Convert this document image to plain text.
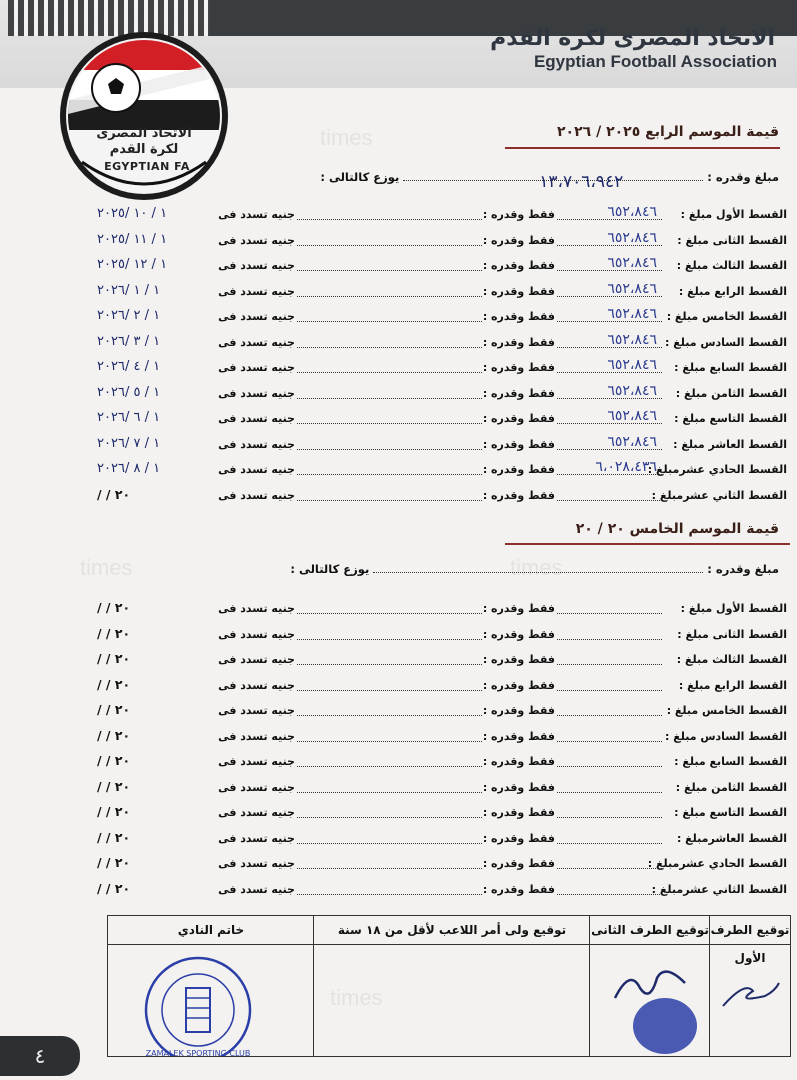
الاتحاد المصرى لكرة القدم
Egyptian Football Association
الاتحاد المصرى لكرة القدم
EGYPTIAN FA
قيمة الموسم الرابع ٢٠٢٥ / ٢٠٢٦
مبلغ وقدره :
١٣،٧٠٦،٩٤٢
يوزع كالتالى :
القسط الأول مبلغ :
٦٥٢،٨٤٦
فقط وقدره :
جنيه تسدد فى
١ / ١٠ /٢٠٢٥
القسط الثانى مبلغ :
٦٥٢،٨٤٦
فقط وقدره :
جنيه تسدد فى
١ / ١١ /٢٠٢٥
القسط الثالث مبلغ :
٦٥٢،٨٤٦
فقط وقدره :
جنيه تسدد فى
١ / ١٢ /٢٠٢٥
القسط الرابع مبلغ :
٦٥٢،٨٤٦
فقط وقدره :
جنيه تسدد فى
١ / ١ /٢٠٢٦
القسط الخامس مبلغ :
٦٥٢،٨٤٦
فقط وقدره :
جنيه تسدد فى
١ / ٢ /٢٠٢٦
القسط السادس مبلغ :
٦٥٢،٨٤٦
فقط وقدره :
جنيه تسدد فى
١ / ٣ /٢٠٢٦
القسط السابع مبلغ :
٦٥٢،٨٤٦
فقط وقدره :
جنيه تسدد فى
١ / ٤ /٢٠٢٦
القسط الثامن مبلغ :
٦٥٢،٨٤٦
فقط وقدره :
جنيه تسدد فى
١ / ٥ /٢٠٢٦
القسط التاسع مبلغ :
٦٥٢،٨٤٦
فقط وقدره :
جنيه تسدد فى
١ / ٦ /٢٠٢٦
القسط العاشر مبلغ :
٦٥٢،٨٤٦
فقط وقدره :
جنيه تسدد فى
١ / ٧ /٢٠٢٦
القسط الحادي عشرمبلغ :
٦،٠٢٨،٤٣٦
فقط وقدره :
جنيه تسدد فى
١ / ٨ /٢٠٢٦
القسط الثاني عشرمبلغ :
فقط وقدره :
جنيه تسدد فى
/ / ٢٠
قيمة الموسم الخامس ٢٠ / ٢٠
مبلغ وقدره :  يوزع كالتالى :
القسط الأول مبلغ :
فقط وقدره :
جنيه تسدد فى
/ / ٢٠
القسط الثانى مبلغ :
فقط وقدره :
جنيه تسدد فى
/ / ٢٠
القسط الثالث مبلغ :
فقط وقدره :
جنيه تسدد فى
/ / ٢٠
القسط الرابع مبلغ :
فقط وقدره :
جنيه تسدد فى
/ / ٢٠
القسط الخامس مبلغ :
فقط وقدره :
جنيه تسدد فى
/ / ٢٠
القسط السادس مبلغ :
فقط وقدره :
جنيه تسدد فى
/ / ٢٠
القسط السابع مبلغ :
فقط وقدره :
جنيه تسدد فى
/ / ٢٠
القسط الثامن مبلغ :
فقط وقدره :
جنيه تسدد فى
/ / ٢٠
القسط التاسع مبلغ :
فقط وقدره :
جنيه تسدد فى
/ / ٢٠
القسط العاشرمبلغ :
فقط وقدره :
جنيه تسدد فى
/ / ٢٠
القسط الحادي عشرمبلغ :
فقط وقدره :
جنيه تسدد فى
/ / ٢٠
القسط الثاني عشرمبلغ :
فقط وقدره :
جنيه تسدد فى
/ / ٢٠
توقيع الطرف الأول
توقيع الطرف الثانى
توقيع ولى أمر اللاعب لأقل من ١٨ سنة
خاتم النادي
ZAMALEK SPORTING CLUB
٤
times
times
times
times
